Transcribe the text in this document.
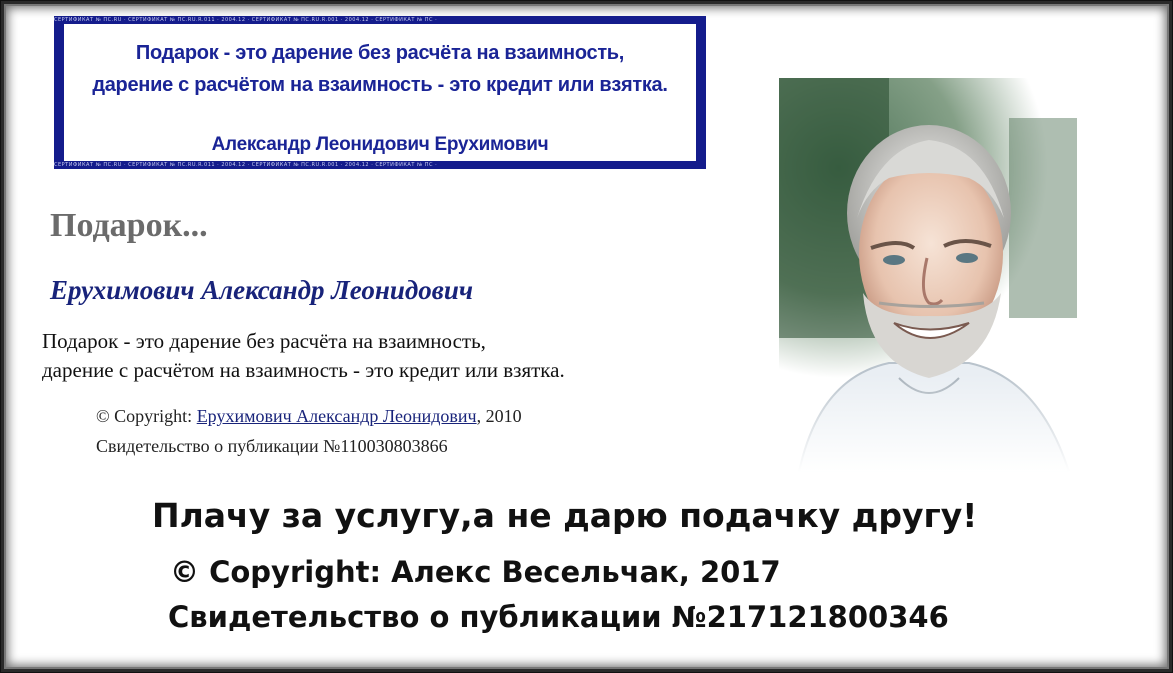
СЕРТИФИКАТ № ПС.RU · СЕРТИФИКАТ № ПС.RU.R.011 · 2004.12 · СЕРТИФИКАТ № ПС.RU.R.001 · 2004.12 · СЕРТИФИКАТ № ПС ·
Подарок - это дарение без расчёта на взаимность,
дарение с расчётом на взаимность - это кредит или взятка.
Александр Леонидович Ерухимович
СЕРТИФИКАТ № ПС.RU · СЕРТИФИКАТ № ПС.RU.R.011 · 2004.12 · СЕРТИФИКАТ № ПС.RU.R.001 · 2004.12 · СЕРТИФИКАТ № ПС ·
Подарок...
Ерухимович Александр Леонидович
Подарок - это дарение без расчёта на взаимность,
дарение с расчётом на взаимность - это кредит или взятка.
© Copyright: Ерухимович Александр Леонидович, 2010
Свидетельство о публикации №110030803866
Плачу за услугу,а не дарю подачку другу!
© Copyright: Алекс Весельчак, 2017
Свидетельство о публикации №217121800346
